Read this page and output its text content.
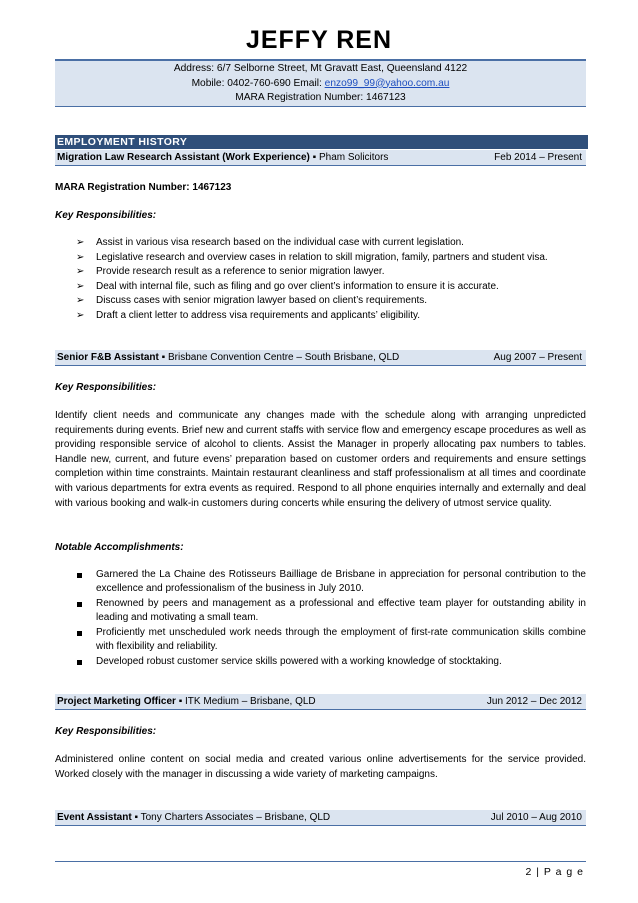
JEFFY REN
Address: 6/7 Selborne Street, Mt Gravatt East, Queensland 4122
Mobile: 0402-760-690 Email: enzo99_99@yahoo.com.au
MARA Registration Number: 1467123
EMPLOYMENT HISTORY
Migration Law Research Assistant (Work Experience) ▪ Pham Solicitors	Feb 2014 – Present
MARA Registration Number: 1467123
Key Responsibilities:
➢ Assist in various visa research based on the individual case with current legislation.
➢ Legislative research and overview cases in relation to skill migration, family, partners and student visa.
➢ Provide research result as a reference to senior migration lawyer.
➢ Deal with internal file, such as filing and go over client’s information to ensure it is accurate.
➢ Discuss cases with senior migration lawyer based on client’s requirements.
➢ Draft a client letter to address visa requirements and applicants’ eligibility.
Senior F&B Assistant ▪ Brisbane Convention Centre – South Brisbane, QLD	Aug 2007 – Present
Key Responsibilities:
Identify client needs and communicate any changes made with the schedule along with arranging unpredicted requirements during events. Brief new and current staffs with service flow and emergency escape procedures as well as providing responsible service of alcohol to clients. Assist the Manager in properly allocating pax numbers to tables. Handle new, current, and future evens’ preparation based on customer orders and requirements and ensure settings completion within time constraints. Maintain restaurant cleanliness and staff professionalism at all times and coordinate with various departments for extra events as required. Respond to all phone enquiries internally and externally and deal with various booking and walk-in customers during concerts while ensuring the delivery of utmost service quality.
Notable Accomplishments:
Garnered the La Chaine des Rotisseurs Bailliage de Brisbane in appreciation for personal contribution to the excellence and professionalism of the business in July 2010.
Renowned by peers and management as a professional and effective team player for outstanding ability in leading and motivating a small team.
Proficiently met unscheduled work needs through the employment of first-rate communication skills combine with flexibility and reliability.
Developed robust customer service skills powered with a working knowledge of stocktaking.
Project Marketing Officer ▪ ITK Medium – Brisbane, QLD	Jun 2012 – Dec 2012
Key Responsibilities:
Administered online content on social media and created various online advertisements for the service provided. Worked closely with the manager in discussing a wide variety of marketing campaigns.
Event Assistant ▪ Tony Charters Associates – Brisbane, QLD	Jul 2010 – Aug 2010
2 | P a g e
